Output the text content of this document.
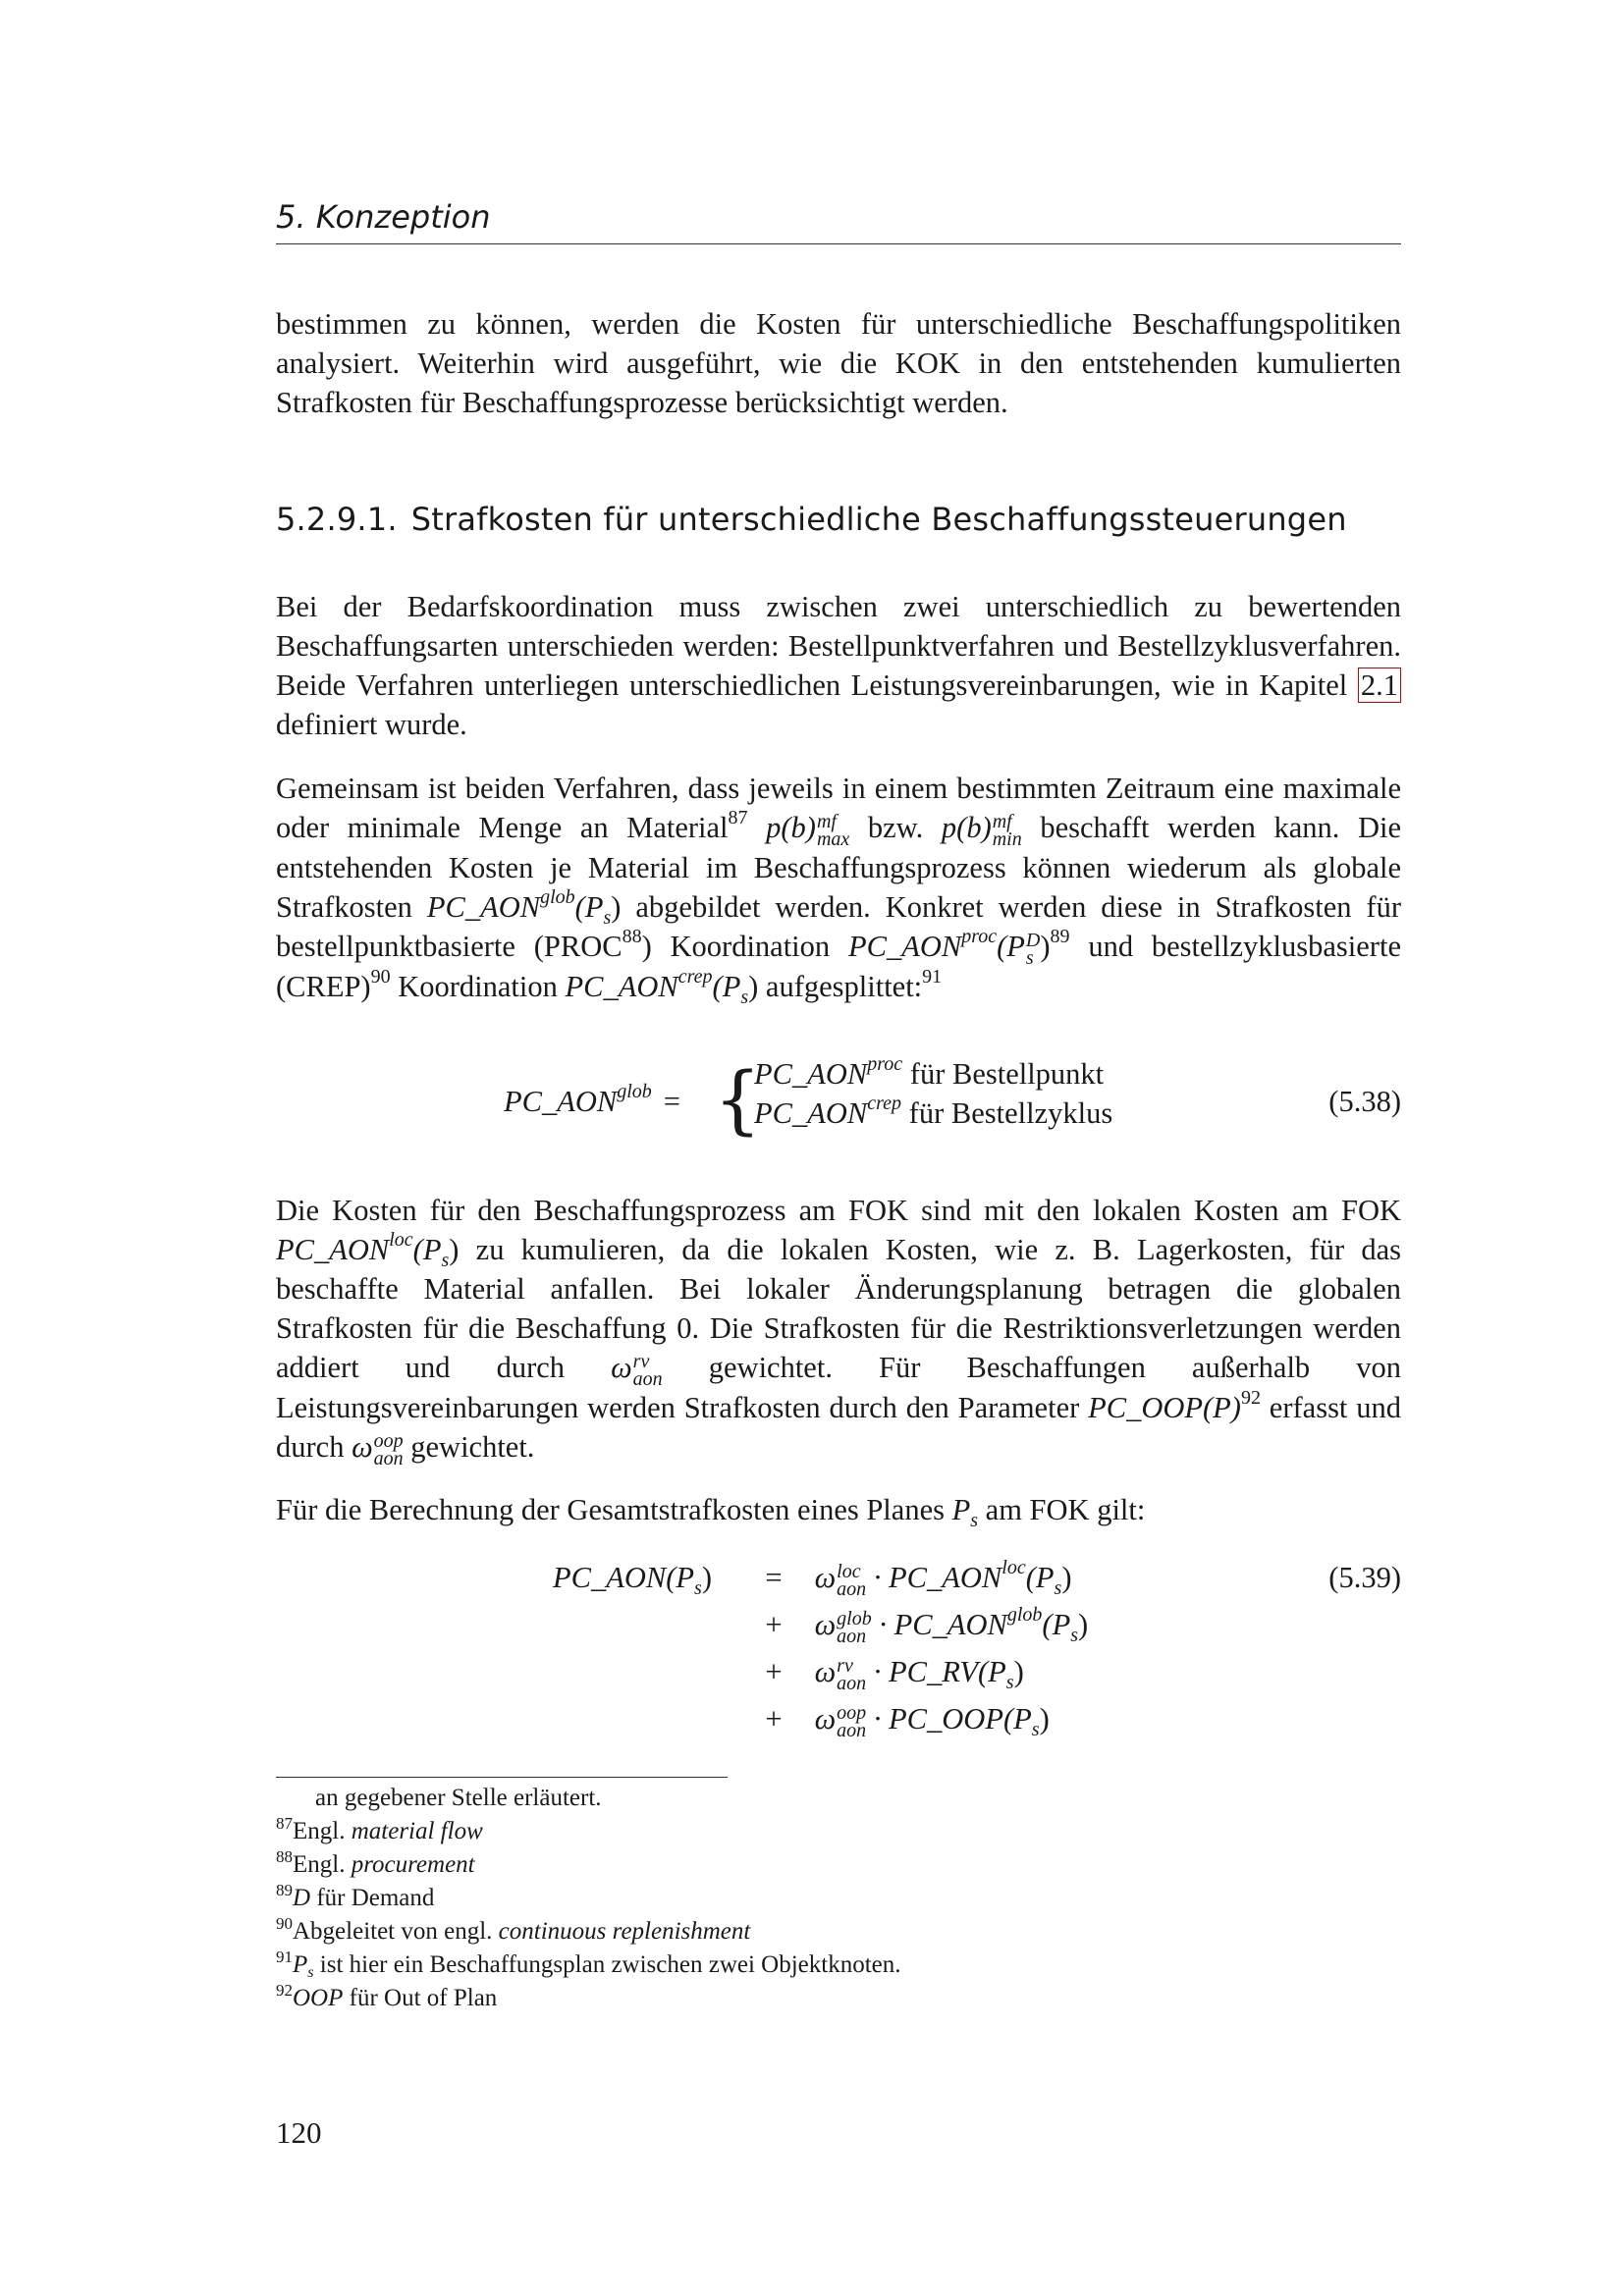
5. Konzeption

bestimmen zu können, werden die Kosten für unterschiedliche Beschaffungspolitiken analysiert. Weiterhin wird ausgeführt, wie die KOK in den entstehenden kumulierten Strafkosten für Beschaffungsprozesse berücksichtigt werden.

5.2.9.1. Strafkosten für unterschiedliche Beschaffungssteuerungen

Bei der Bedarfskoordination muss zwischen zwei unterschiedlich zu bewertenden Beschaffungsarten unterschieden werden: Bestellpunktverfahren und Bestellzyklusverfahren. Beide Verfahren unterliegen unterschiedlichen Leistungsvereinbarungen, wie in Kapitel 2.1 definiert wurde.

Gemeinsam ist beiden Verfahren, dass jeweils in einem bestimmten Zeitraum eine maximale oder minimale Menge an Material$^{87}$ p(b) mf
max bzw. p(b) mf
min beschafft werden kann. Die entstehenden Kosten je Material im Beschaffungsprozess können wiederum als globale Strafkosten $PC\_AON^{glob}(P_s)$ abgebildet werden. Konkret werden diese in Strafkosten für bestellpunktbasierte (PROC$^{88}$) Koordination $PC\_AON^{proc}(P$ D
s )$^{89}$ und bestellzyklusbasierte (CREP)$^{90}$ Koordination $PC\_AON^{crep}(P_s)$ aufgesplittet:$^{91}$

$PC\_AON^{glob}$ = {
$PC\_AON^{proc}$ für Bestellpunkt
$PC\_AON^{crep}$ für Bestellzyklus	(5.38)

Die Kosten für den Beschaffungsprozess am FOK sind mit den lokalen Kosten am FOK $PC\_AON^{loc}(P_s)$ zu kumulieren, da die lokalen Kosten, wie z. B. Lagerkosten, für das beschaffte Material anfallen. Bei lokaler Änderungsplanung betragen die globalen Strafkosten für die Beschaffung 0. Die Strafkosten für die Restriktionsverletzungen werden addiert und durch ω rv
aon gewichtet. Für Beschaffungen außerhalb von Leistungsvereinbarungen werden Strafkosten durch den Parameter $PC\_OOP(P)^{92}$ erfasst und durch ω oop
aon gewichtet.

Für die Berechnung der Gesamtstrafkosten eines Planes $P_s$ am FOK gilt:

$PC\_AON(P_s)$	= ω loc
aon · $PC\_AON^{loc}(P_s)$
+ ω glob
aon · $PC\_AON^{glob}(P_s)$
+ ω rv
aon · $PC\_RV(P_s)$
+ ω oop
aon · $PC\_OOP(P_s)$
(5.39)
an gegebener Stelle erläutert.
$^{87}$Engl. material flow
$^{88}$Engl. procurement
$^{89}$D für Demand
$^{90}$Abgeleitet von engl. continuous replenishment
$^{91}P_s$ ist hier ein Beschaffungsplan zwischen zwei Objektknoten.
$^{92}$OOP für Out of Plan
120
